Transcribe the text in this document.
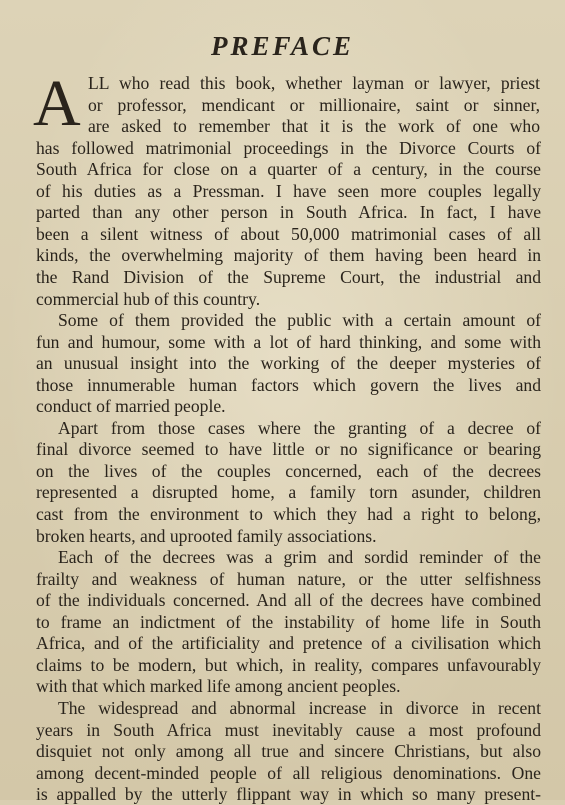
PREFACE
A LL who read this book, whether layman or lawyer, priest
or professor, mendicant or millionaire, saint or sinner,
are asked to remember that it is the work of one who
has followed matrimonial proceedings in the Divorce Courts of
South Africa for close on a quarter of a century, in the course
of his duties as a Pressman. I have seen more couples legally
parted than any other person in South Africa. In fact, I have
been a silent witness of about 50,000 matrimonial cases of all
kinds, the overwhelming majority of them having been heard in
the Rand Division of the Supreme Court, the industrial and
commercial hub of this country.
Some of them provided the public with a certain amount of
fun and humour, some with a lot of hard thinking, and some with
an unusual insight into the working of the deeper mysteries of
those innumerable human factors which govern the lives and
conduct of married people.
Apart from those cases where the granting of a decree of
final divorce seemed to have little or no significance or bearing
on the lives of the couples concerned, each of the decrees
represented a disrupted home, a family torn asunder, children
cast from the environment to which they had a right to belong,
broken hearts, and uprooted family associations.
Each of the decrees was a grim and sordid reminder of the
frailty and weakness of human nature, or the utter selfishness
of the individuals concerned. And all of the decrees have combined
to frame an indictment of the instability of home life in South
Africa, and of the artificiality and pretence of a civilisation which
claims to be modern, but which, in reality, compares unfavourably
with that which marked life among ancient peoples.
The widespread and abnormal increase in divorce in recent
years in South Africa must inevitably cause a most profound
disquiet not only among all true and sincere Christians, but also
among decent-minded people of all religious denominations. One
is appalled by the utterly flippant way in which so many present-
